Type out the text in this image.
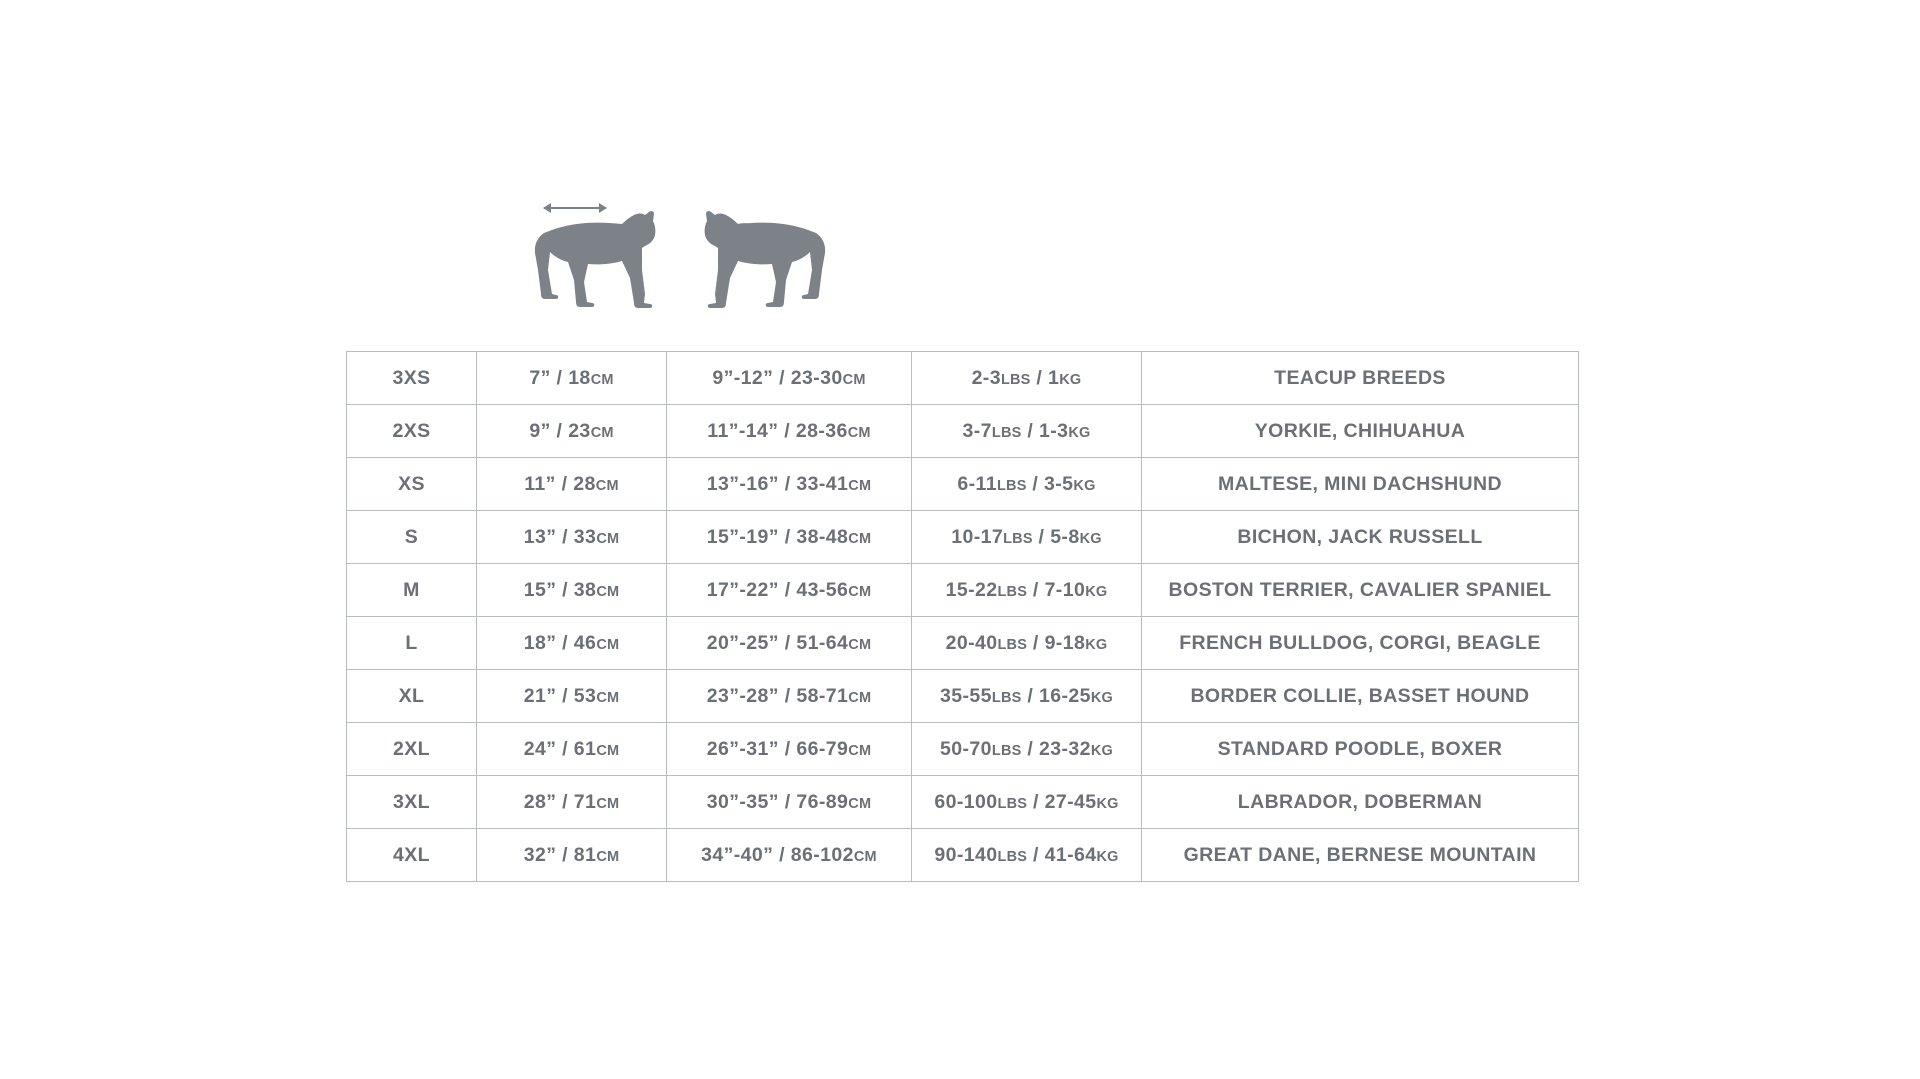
3XS	7” / 18CM	9”-12” / 23-30CM	2-3LBS / 1KG	TEACUP BREEDS
2XS	9” / 23CM	11”-14” / 28-36CM	3-7LBS / 1-3KG	YORKIE, CHIHUAHUA
XS	11” / 28CM	13”-16” / 33-41CM	6-11LBS / 3-5KG	MALTESE, MINI DACHSHUND
S	13” / 33CM	15”-19” / 38-48CM	10-17LBS / 5-8KG	BICHON, JACK RUSSELL
M	15” / 38CM	17”-22” / 43-56CM	15-22LBS / 7-10KG	BOSTON TERRIER, CAVALIER SPANIEL
L	18” / 46CM	20”-25” / 51-64CM	20-40LBS / 9-18KG	FRENCH BULLDOG, CORGI, BEAGLE
XL	21” / 53CM	23”-28” / 58-71CM	35-55LBS / 16-25KG	BORDER COLLIE, BASSET HOUND
2XL	24” / 61CM	26”-31” / 66-79CM	50-70LBS / 23-32KG	STANDARD POODLE, BOXER
3XL	28” / 71CM	30”-35” / 76-89CM	60-100LBS / 27-45KG	LABRADOR, DOBERMAN
4XL	32” / 81CM	34”-40” / 86-102CM	90-140LBS / 41-64KG	GREAT DANE, BERNESE MOUNTAIN
